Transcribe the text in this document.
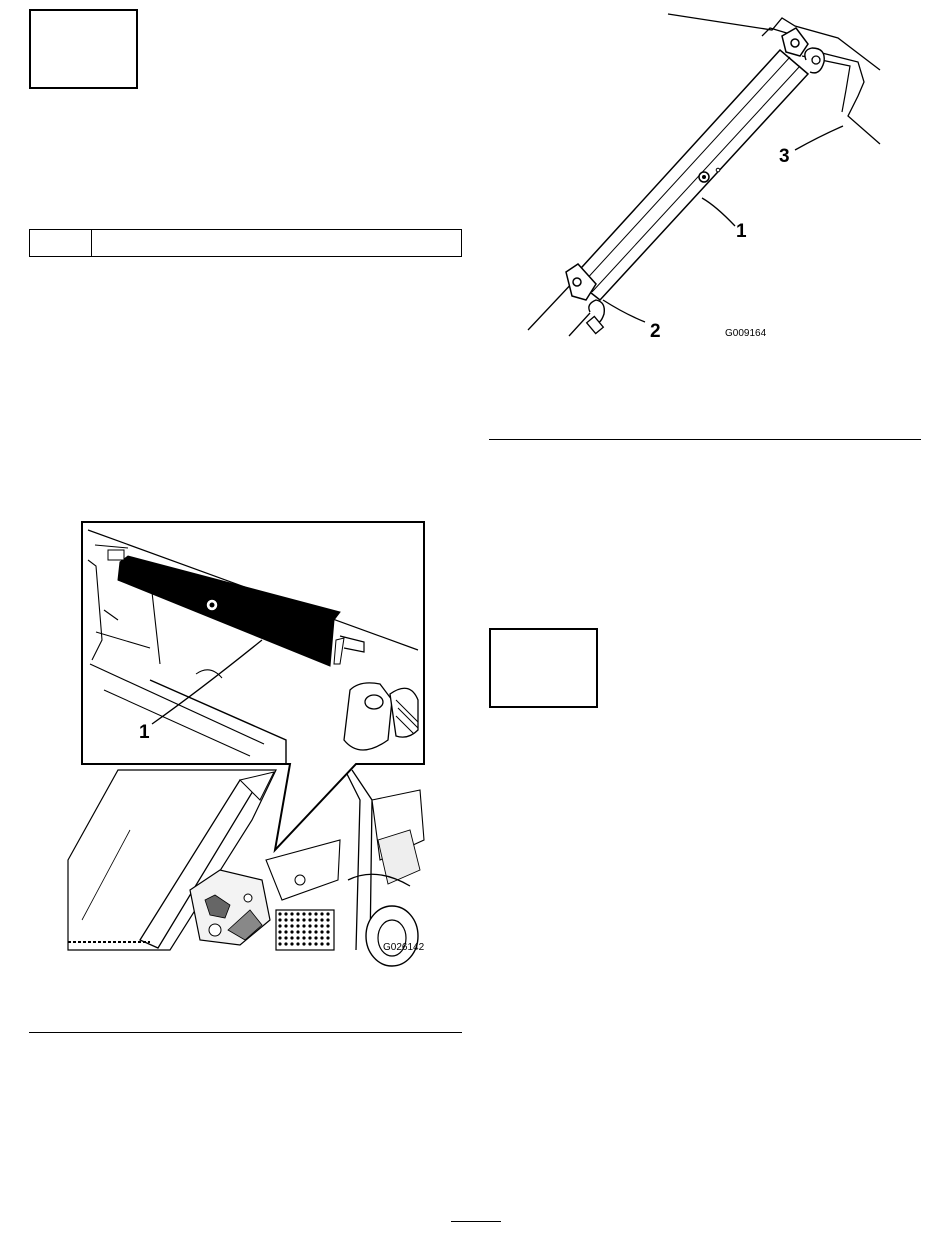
1
2
3
G009164
1
G026142
